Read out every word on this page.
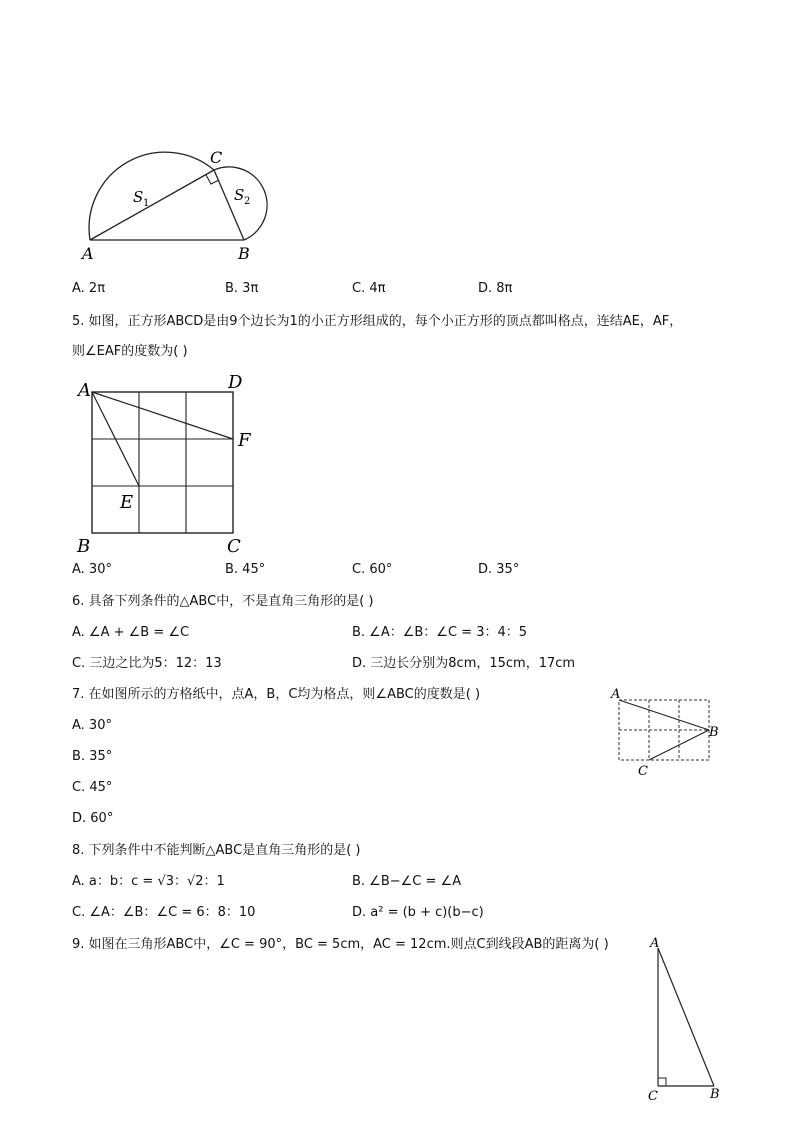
A	B
C
S 1	S 2
A. 2π	B. 3π	C. 4π	D. 8π
5. 如图，正方形ABCD是由9个边长为1的小正方形组成的，每个小正方形的顶点都叫格点，连结AE，AF，
则∠EAF的度数为( )
A	D
F
E
B	C
A. 30°	B. 45°	C. 60°	D. 35°
6. 具备下列条件的△ABC中，不是直角三角形的是( )
A. ∠A + ∠B = ∠C	B. ∠A：∠B：∠C = 3：4：5
C. 三边之比为5：12：13	D. 三边长分别为8cm，15cm，17cm
7. 在如图所示的方格纸中，点A，B，C均为格点，则∠ABC的度数是( )	A
B
C
A. 30°
B. 35°
C. 45°
D. 60°
8. 下列条件中不能判断△ABC是直角三角形的是( )
A. a：b：c = √3：√2：1	B. ∠B−∠C = ∠A
C. ∠A：∠B：∠C = 6：8：10	D. a² = (b + c)(b−c)
9. 如图在三角形ABC中，∠C = 90°，BC = 5cm，AC = 12cm.则点C到线段AB的距离为( )	A
C	B
